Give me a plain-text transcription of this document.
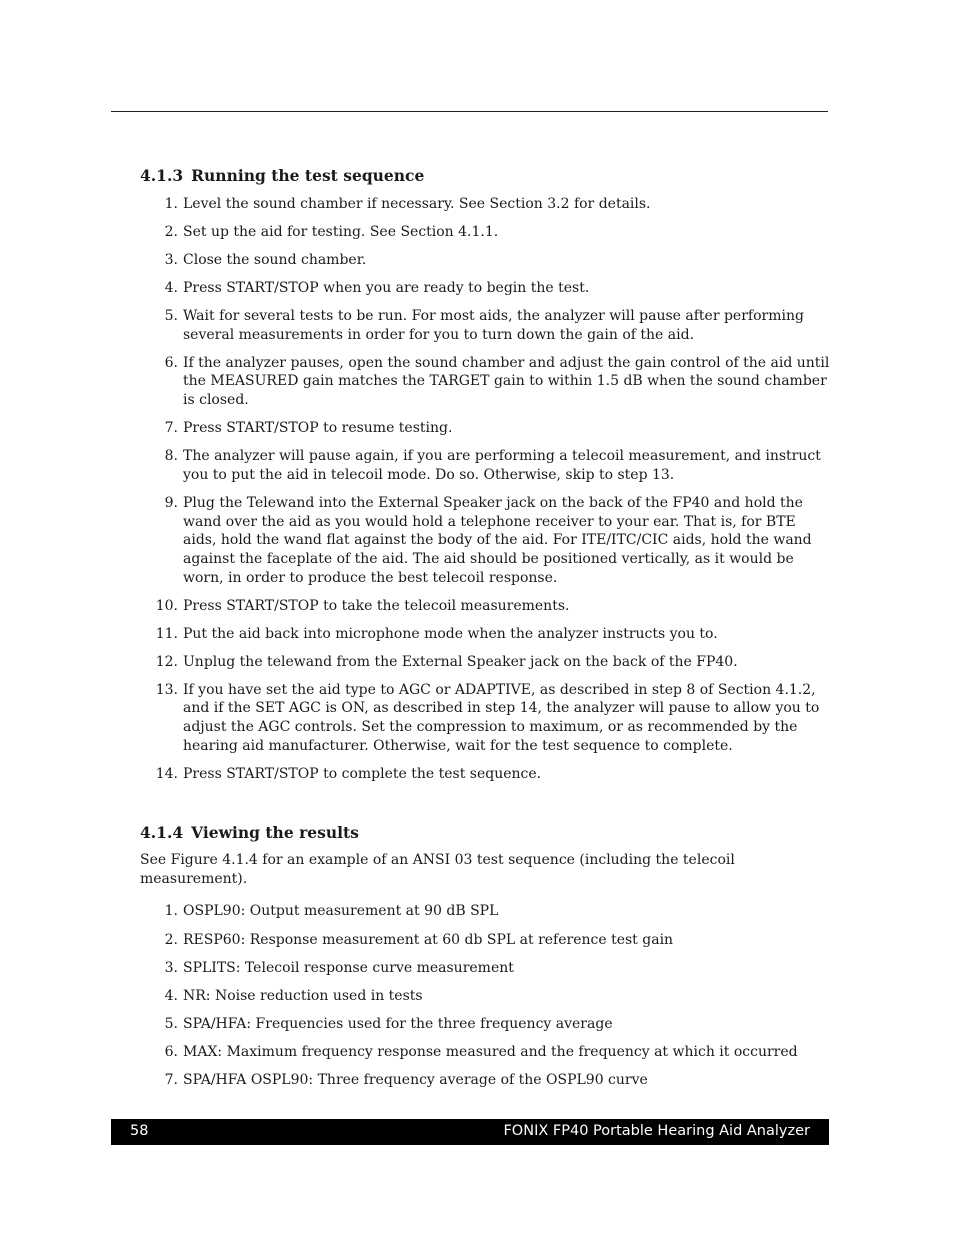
4.1.3 Running the test sequence
1. Level the sound chamber if necessary. See Section 3.2 for details.
2. Set up the aid for testing. See Section 4.1.1.
3. Close the sound chamber.
4. Press START/STOP when you are ready to begin the test.
5. Wait for several tests to be run. For most aids, the analyzer will pause after performing several measurements in order for you to turn down the gain of the aid.
6. If the analyzer pauses, open the sound chamber and adjust the gain control of the aid until the MEASURED gain matches the TARGET gain to within 1.5 dB when the sound chamber is closed.
7. Press START/STOP to resume testing.
8. The analyzer will pause again, if you are performing a telecoil measurement, and instruct you to put the aid in telecoil mode. Do so. Otherwise, skip to step 13.
9. Plug the Telewand into the External Speaker jack on the back of the FP40 and hold the wand over the aid as you would hold a telephone receiver to your ear. That is, for BTE aids, hold the wand flat against the body of the aid. For ITE/ITC/CIC aids, hold the wand against the faceplate of the aid. The aid should be positioned vertically, as it would be worn, in order to produce the best telecoil response.
10. Press START/STOP to take the telecoil measurements.
11. Put the aid back into microphone mode when the analyzer instructs you to.
12. Unplug the telewand from the External Speaker jack on the back of the FP40.
13. If you have set the aid type to AGC or ADAPTIVE, as described in step 8 of Section 4.1.2, and if the SET AGC is ON, as described in step 14, the analyzer will pause to allow you to adjust the AGC controls. Set the compression to maximum, or as recommended by the hearing aid manufacturer. Otherwise, wait for the test sequence to complete.
14. Press START/STOP to complete the test sequence.
4.1.4 Viewing the results

See Figure 4.1.4 for an example of an ANSI 03 test sequence (including the telecoil measurement).

1. OSPL90: Output measurement at 90 dB SPL
2. RESP60: Response measurement at 60 db SPL at reference test gain
3. SPLITS: Telecoil response curve measurement
4. NR: Noise reduction used in tests
5. SPA/HFA: Frequencies used for the three frequency average
6. MAX: Maximum frequency response measured and the frequency at which it occurred
7. SPA/HFA OSPL90: Three frequency average of the OSPL90 curve
58	FONIX FP40 Portable Hearing Aid Analyzer
